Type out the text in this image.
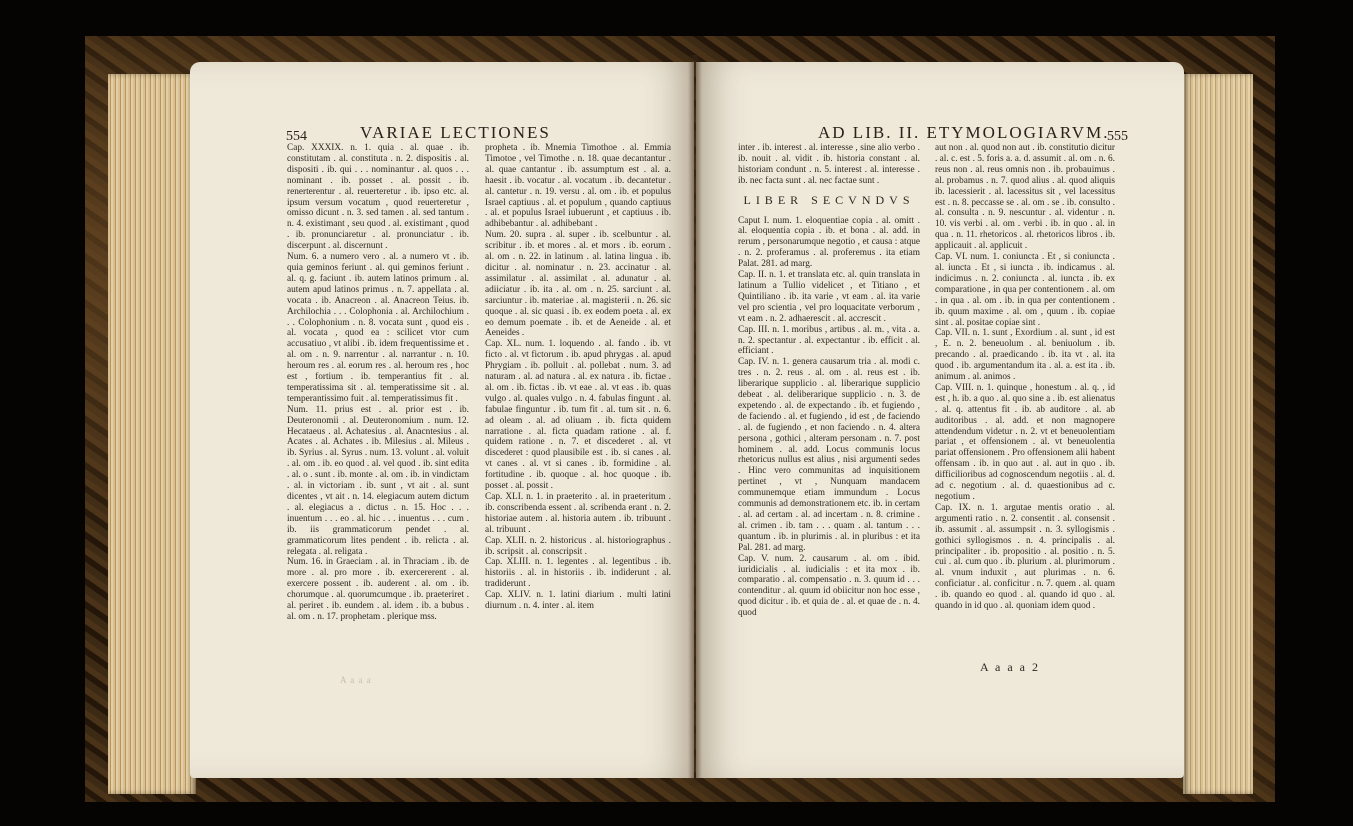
A a a a
554	VARIAE LECTIONES

Cap. XXXIX. n. 1. quia . al. quae . ib. constitutam . al. constituta . n. 2. dispositis . al. dispositi . ib. qui . . . nominantur . al. quos . . . nominant . ib. posset . al. possit . ib. renerterentur . al. reuerteretur . ib. ipso etc. al. ipsum versum vocatum , quod reuerteretur , omisso dicunt . n. 3. sed tamen . al. sed tantum . n. 4. existimant , seu quod . al. existimant , quod . ib. pronunciaretur . al. pronunciatur . ib. discerpunt . al. discernunt .

Num. 6. a numero vero . al. a numero vt . ib. quia geminos feriunt . al. qui geminos feriunt . al. q. g. faciunt . ib. autem latinos primum . al. autem apud latinos primus . n. 7. appellata . al. vocata . ib. Anacreon . al. Anacreon Teius. ib. Archilochia . . . Colophonia . al. Archilochium . . . Colophonium . n. 8. vocata sunt , quod eis . al. vocata , quod ea : scilicet vtor cum accusatiuo , vt alibi . ib. idem frequentissime et . al. om . n. 9. narrentur . al. narrantur . n. 10. heroum res . al. eorum res . al. heroum res , hoc est , fortium . ib. temperantius fit . al. temperatissima sit . al. temperatissime sit . al. temperantissimo fuit . al. temperatissimus fit .

Num. 11. prius est . al. prior est . ib. Deuteronomii . al. Deuteronomium . num. 12. Hecataeus . al. Achatesius . al. Anacntesius . al. Acates . al. Achates . ib. Milesius . al. Mileus . ib. Syrius . al. Syrus . num. 13. volunt . al. voluit . al. om . ib. eo quod . al. vel quod . ib. sint edita . al. o . sunt . ib. monte . al. om . ib. in vindictam . al. in victoriam . ib. sunt , vt ait . al. sunt dicentes , vt ait . n. 14. elegiacum autem dictum . al. elegiacus a . dictus . n. 15. Hoc . . . inuentum . . . eo . al. hic . . . inuentus . . . cum . ib. iis grammaticorum pendet . al. grammaticorum lites pendent . ib. relicta . al. relegata . al. religata .

Num. 16. in Graeciam . al. in Thraciam . ib. de more . al. pro more . ib. exercererent . al. exercere possent . ib. auderent . al. om . ib. chorumque . al. quorumcumque . ib. praeteriret . al. periret . ib. eundem . al. idem . ib. a bubus . al. om . n. 17. prophetam . plerique mss.

propheta . ib. Mnemia Timothoe . al. Emmia Timotoe , vel Timothe . n. 18. quae decantantur . al. quae cantantur . ib. assumptum est . al. a. haesit . ib. vocatur . al. vocatum . ib. decantetur . al. cantetur . n. 19. versu . al. om . ib. et populus Israel captiuus . al. et populum , quando captiuus . al. et populus Israel iubuerunt , et captiuus . ib. adhibebantur . al. adhibebant .

Num. 20. supra . al. super . ib. scelbuntur . al. scribitur . ib. et mores . al. et mors . ib. eorum . al. om . n. 22. in latinum . al. latina lingua . ib. dicitur . al. nominatur . n. 23. accinatur . al. assimilatur . al. assimilat . al. adunatur . al. adiiciatur . ib. ita . al. om . n. 25. sarciunt . al. sarciuntur . ib. materiae . al. magisterii . n. 26. sic quoque . al. sic quasi . ib. ex eodem poeta . al. ex eo demum poemate . ib. et de Aeneide . al. et Aeneides .

Cap. XL. num. 1. loquendo . al. fando . ib. vt ficto . al. vt fictorum . ib. apud phrygas . al. apud Phrygiam . ib. polluit . al. pollebat . num. 3. ad naturam . al. ad natura . al. ex natura . ib. fictae . al. om . ib. fictas . ib. vt eae . al. vt eas . ib. quas vulgo . al. quales vulgo . n. 4. fabulas fingunt . al. fabulae finguntur . ib. tum fit . al. tum sit . n. 6. ad oleam . al. ad oliuam . ib. ficta quidem narratione . al. ficta quadam ratione . al. f. quidem ratione . n. 7. et discederet . al. vt discederet : quod plausibile est . ib. si canes . al. vt canes . al. vt si canes . ib. formidine . al. fortitudine . ib. quoque . al. hoc quoque . ib. posset . al. possit .

Cap. XLI. n. 1. in praeterito . al. in praeteritum . ib. conscribenda essent . al. scribenda erant . n. 2. historiae autem . al. historia autem . ib. tribuunt . al. tribuunt .

Cap. XLII. n. 2. historicus . al. historiographus . ib. scripsit . al. conscripsit .

Cap. XLIII. n. 1. legentes . al. legentibus . ib. historiis . al. in historiis . ib. indiderunt . al. tradiderunt .

Cap. XLIV. n. 1. latini diarium . multi latini diurnum . n. 4. inter . al. item

AD LIB. II. ETYMOLOGIARVM.
555

inter . ib. interest . al. interesse , sine alio verbo . ib. nouit . al. vidit . ib. historia constant . al. historiam condunt . n. 5. interest . al. interesse . ib. nec facta sunt . al. nec factae sunt .

LIBER SECVNDVS

Caput I. num. 1. eloquentiae copia . al. omitt . al. eloquentia copia . ib. et bona . al. add. in rerum , personarumque negotio , et causa : atque . n. 2. proferamus . al. proferemus . ita etiam Palat. 281. ad marg.

Cap. II. n. 1. et translata etc. al. quin translata in latinum a Tullio videlicet , et Titiano , et Quintiliano . ib. ita varie , vt eam . al. ita varie vel pro scientia , vel pro loquacitate verborum , vt eam . n. 2. adhaerescit . al. accrescit .

Cap. III. n. 1. moribus , artibus . al. m. , vita . a. n. 2. spectantur . al. expectantur . ib. efficit . al. efficiant .

Cap. IV. n. 1. genera causarum tria . al. modi c. tres . n. 2. reus . al. om . al. reus est . ib. liberarique supplicio . al. liberarique supplicio debeat . al. deliberarique supplicio . n. 3. de expetendo . al. de expectando . ib. et fugiendo , de faciendo . al. et fugiendo , id est , de faciendo . al. de fugiendo , et non faciendo . n. 4. altera persona , gothici , alteram personam . n. 7. post hominem . al. add. Locus communis locus rhetoricus nullus est alius , nisi argumenti sedes . Hinc vero communitas ad inquisitionem pertinet , vt , Nunquam mandacem communemque etiam immundum . Locus communis ad demonstrationem etc. ib. in certam . al. ad certam . al. ad incertam . n. 8. crimine . al. crimen . ib. tam . . . quam . al. tantum . . . quantum . ib. in plurimis . al. in pluribus : et ita Pal. 281. ad marg.

Cap. V. num. 2. causarum . al. om . ibid. iuridicialis . al. iudicialis : et ita mox . ib. comparatio . al. compensatio . n. 3. quum id . . . contenditur . al. quum id obiicitur non hoc esse , quod dicitur . ib. et quia de . al. et quae de . n. 4. quod

aut non . al. quod non aut . ib. constitutio dicitur . al. c. est . 5. foris a. a. d. assumit . al. om . n. 6. reus non . al. reus omnis non . ib. probauimus . al. probamus . n. 7. quod alius . al. quod aliquis ib. lacessierit . al. lacessitus sit , vel lacessitus est . n. 8. peccasse se . al. om . se . ib. consulto . al. consulta . n. 9. nescuntur . al. videntur . n. 10. vis verbi . al. om . verbi . ib. in quo . al. in qua . n. 11. rhetoricos . al. rhetoricos libros . ib. applicauit . al. applicuit .

Cap. VI. num. 1. coniuncta . Et , si coniuncta . al. iuncta . Et , si iuncta . ib. indicamus . al. indicimus . n. 2. coniuncta . al. iuncta . ib. ex comparatione , in qua per contentionem . al. om . in qua . al. om . ib. in qua per contentionem . ib. quum maxime . al. om , quum . ib. copiae sint . al. positae copiae sint .

Cap. VII. n. 1. sunt , Exordium . al. sunt , id est , E. n. 2. beneuolum . al. beniuolum . ib. precando . al. praedicando . ib. ita vt . al. ita quod . ib. argumentandum ita . al. a. est ita . ib. animum . al. animos .

Cap. VIII. n. 1. quinque , honestum . al. q. , id est , h. ib. a quo . al. quo sine a . ib. est alienatus . al. q. attentus fit . ib. ab auditore . al. ab auditoribus . al. add. et non magnopere attendendum videtur . n. 2. vt et beneuolentiam pariat , et offensionem . al. vt beneuolentia pariat offensionem . Pro offensionem alii habent offensam . ib. in quo aut . al. aut in quo . ib. difficilioribus ad cognoscendum negotiis . al. d. ad c. negotium . al. d. quaestionibus ad c. negotium .

Cap. IX. n. 1. argutae mentis oratio . al. argumenti ratio . n. 2. consentit . al. consensit . ib. assumit . al. assumpsit . n. 3. syllogismis . gothici syllogismos . n. 4. principalis . al. principaliter . ib. propositio . al. positio . n. 5. cui . al. cum quo . ib. plurium . al. plurimorum . al. vnum induxit , aut plurimas . n. 6. conficiatur . al. conficitur . n. 7. quem . al. quam . ib. quando eo quod . al. quando id quo . al. quando in id quo . al. quoniam idem quod .

A a a a 2
